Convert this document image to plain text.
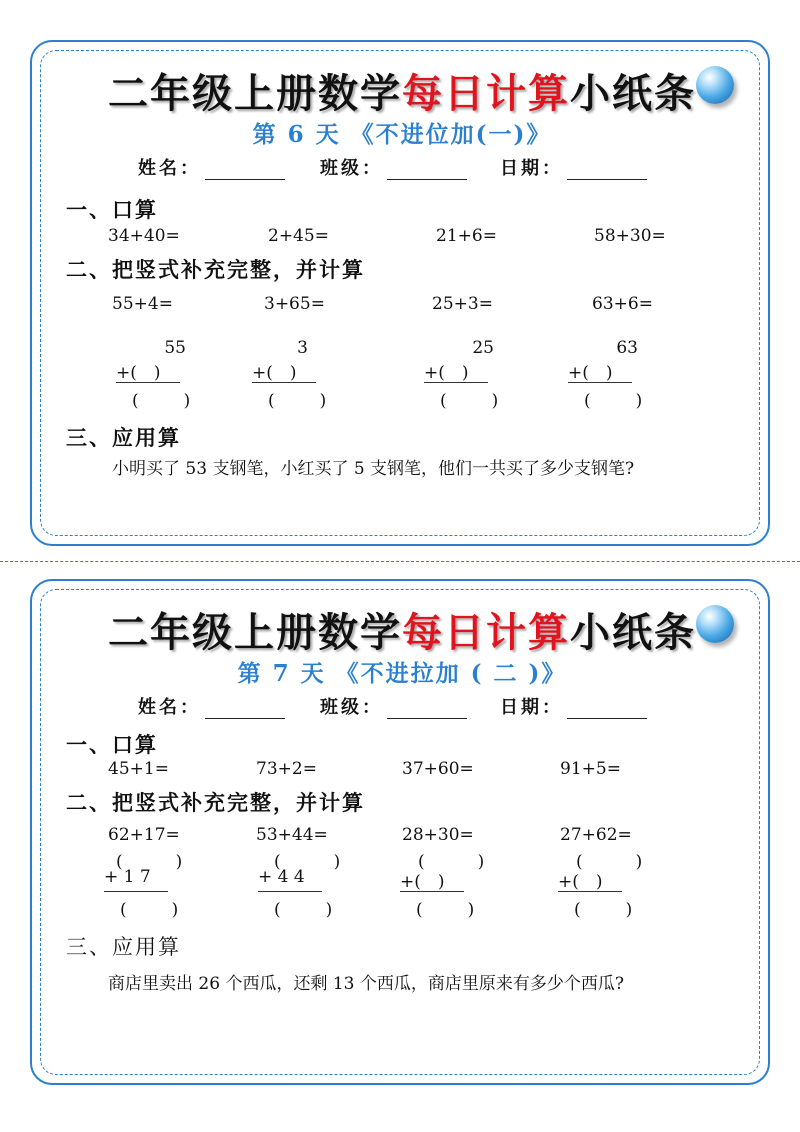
二年级上册数学每日计算小纸条
第 6 天 《不进位加(一)》
姓名：	班级：	日期：
一、口算
34+40=	2+45=	21+6=	58+30=
二、把竖式补充完整，并计算
55+4=	3+65=	25+3=	63+6=
55
+(　)
(　)
3
+(　)
(　)
25
+(　)
(　)
63
+(　)
(　)
三、应用算
小明买了 53 支钢笔，小红买了 5 支钢笔，他们一共买了多少支钢笔?
二年级上册数学每日计算小纸条
第 7 天 《不进拉加 ( 二 )》
姓名：	班级：	日期：
一、口算
45+1=	73+2=	37+60=	91+5=
二、把竖式补充完整，并计算
62+17=	53+44=	28+30=	27+62=
(　)
+ 1 7
(　)
(　)
+ 4 4
(　)
(　)
+(　)
(　)
(　)
+(　)
(　)
三、应用算
商店里卖出 26 个西瓜，还剩 13 个西瓜，商店里原来有多少个西瓜?
